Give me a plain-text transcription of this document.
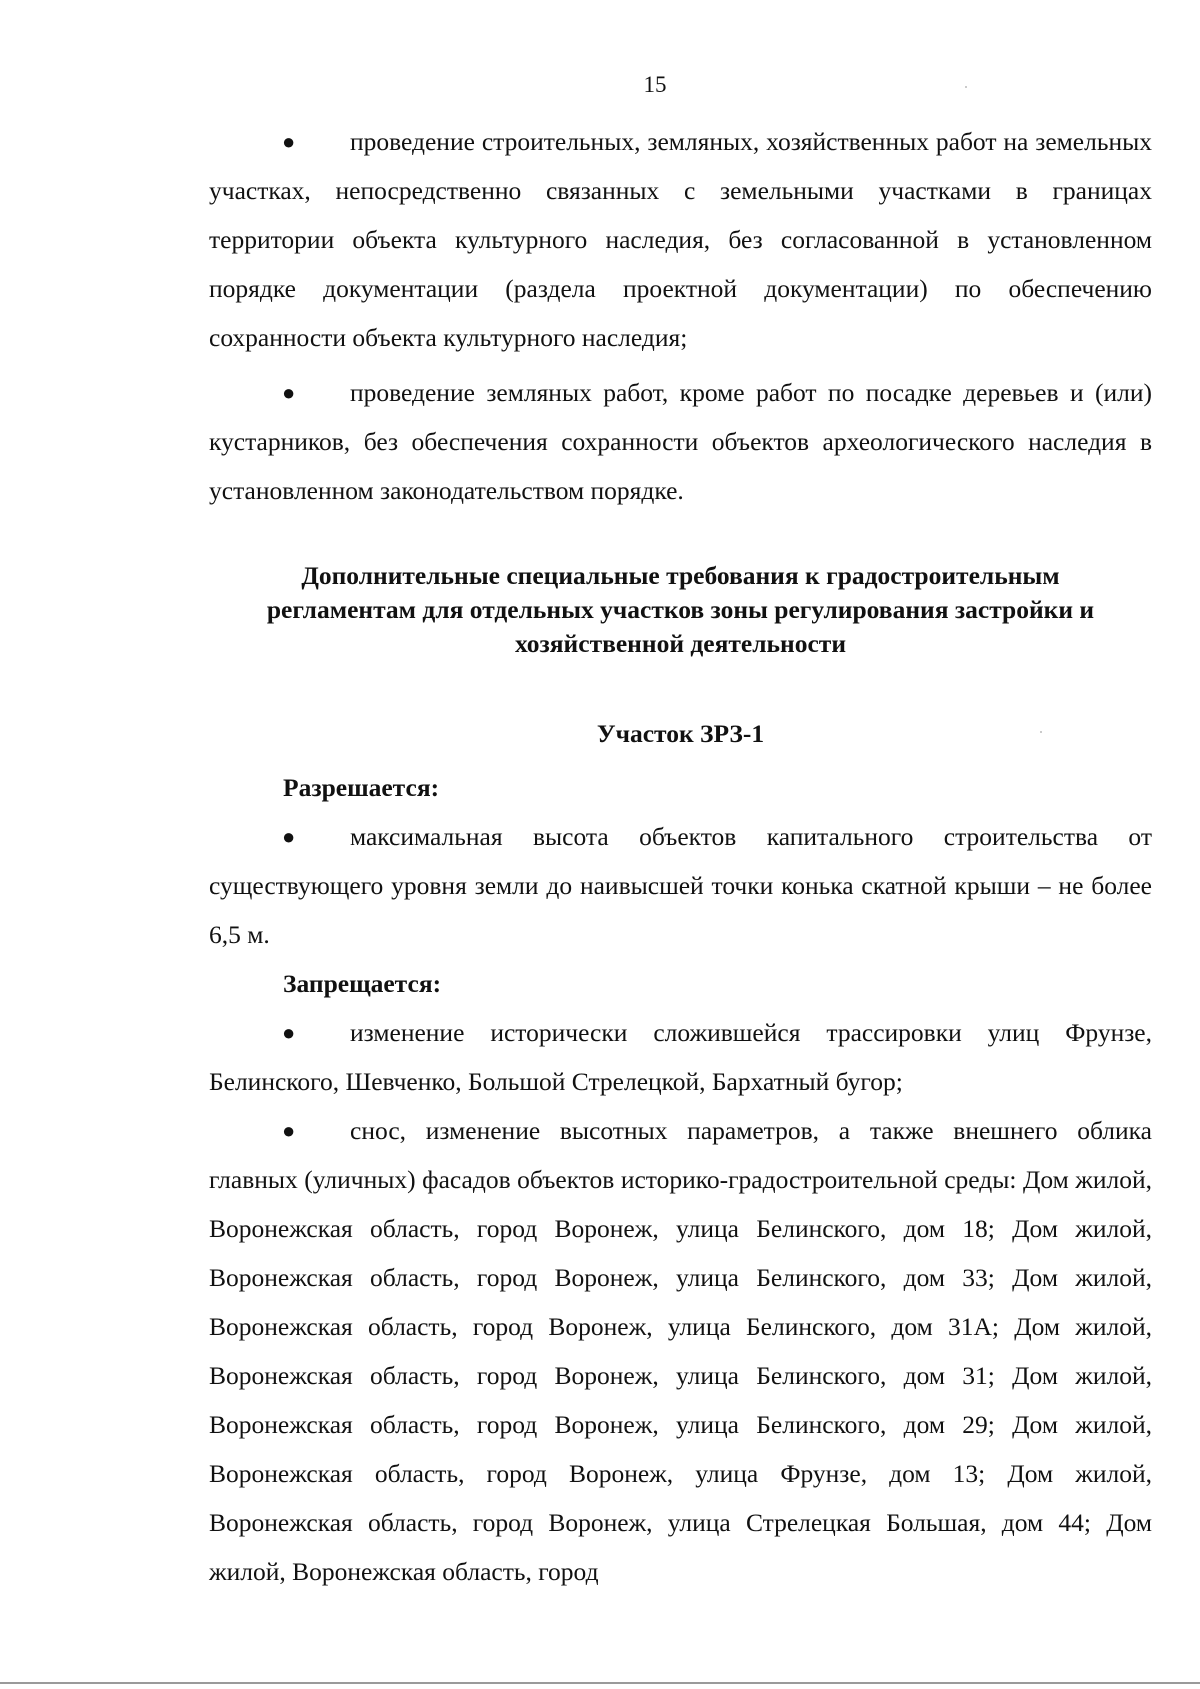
15

● проведение строительных, земляных, хозяйственных работ на земельных участках, непосредственно связанных с земельными участками в границах территории объекта культурного наследия, без согласованной в установленном порядке документации (раздела проектной документации) по обеспечению сохранности объекта культурного наследия;

● проведение земляных работ, кроме работ по посадке деревьев и (или) кустарников, без обеспечения сохранности объектов археологического наследия в установленном законодательством порядке.

Дополнительные специальные требования к градостроительным
регламентам для отдельных участков зоны регулирования застройки и
хозяйственной деятельности
Участок ЗРЗ-1

Разрешается:

● максимальная высота объектов капитального строительства от существующего уровня земли до наивысшей точки конька скатной крыши – не более 6,5 м.

Запрещается:

● изменение исторически сложившейся трассировки улиц Фрунзе, Белинского, Шевченко, Большой Стрелецкой, Бархатный бугор;

● снос, изменение высотных параметров, а также внешнего облика главных (уличных) фасадов объектов историко-градостроительной среды: Дом жилой, Воронежская область, город Воронеж, улица Белинского, дом 18; Дом жилой, Воронежская область, город Воронеж, улица Белинского, дом 33; Дом жилой, Воронежская область, город Воронеж, улица Белинского, дом 31А; Дом жилой, Воронежская область, город Воронеж, улица Белинского, дом 31; Дом жилой, Воронежская область, город Воронеж, улица Белинского, дом 29; Дом жилой, Воронежская область, город Воронеж, улица Фрунзе, дом 13; Дом жилой, Воронежская область, город Воронеж, улица Стрелецкая Большая, дом 44; Дом жилой, Воронежская область, город
